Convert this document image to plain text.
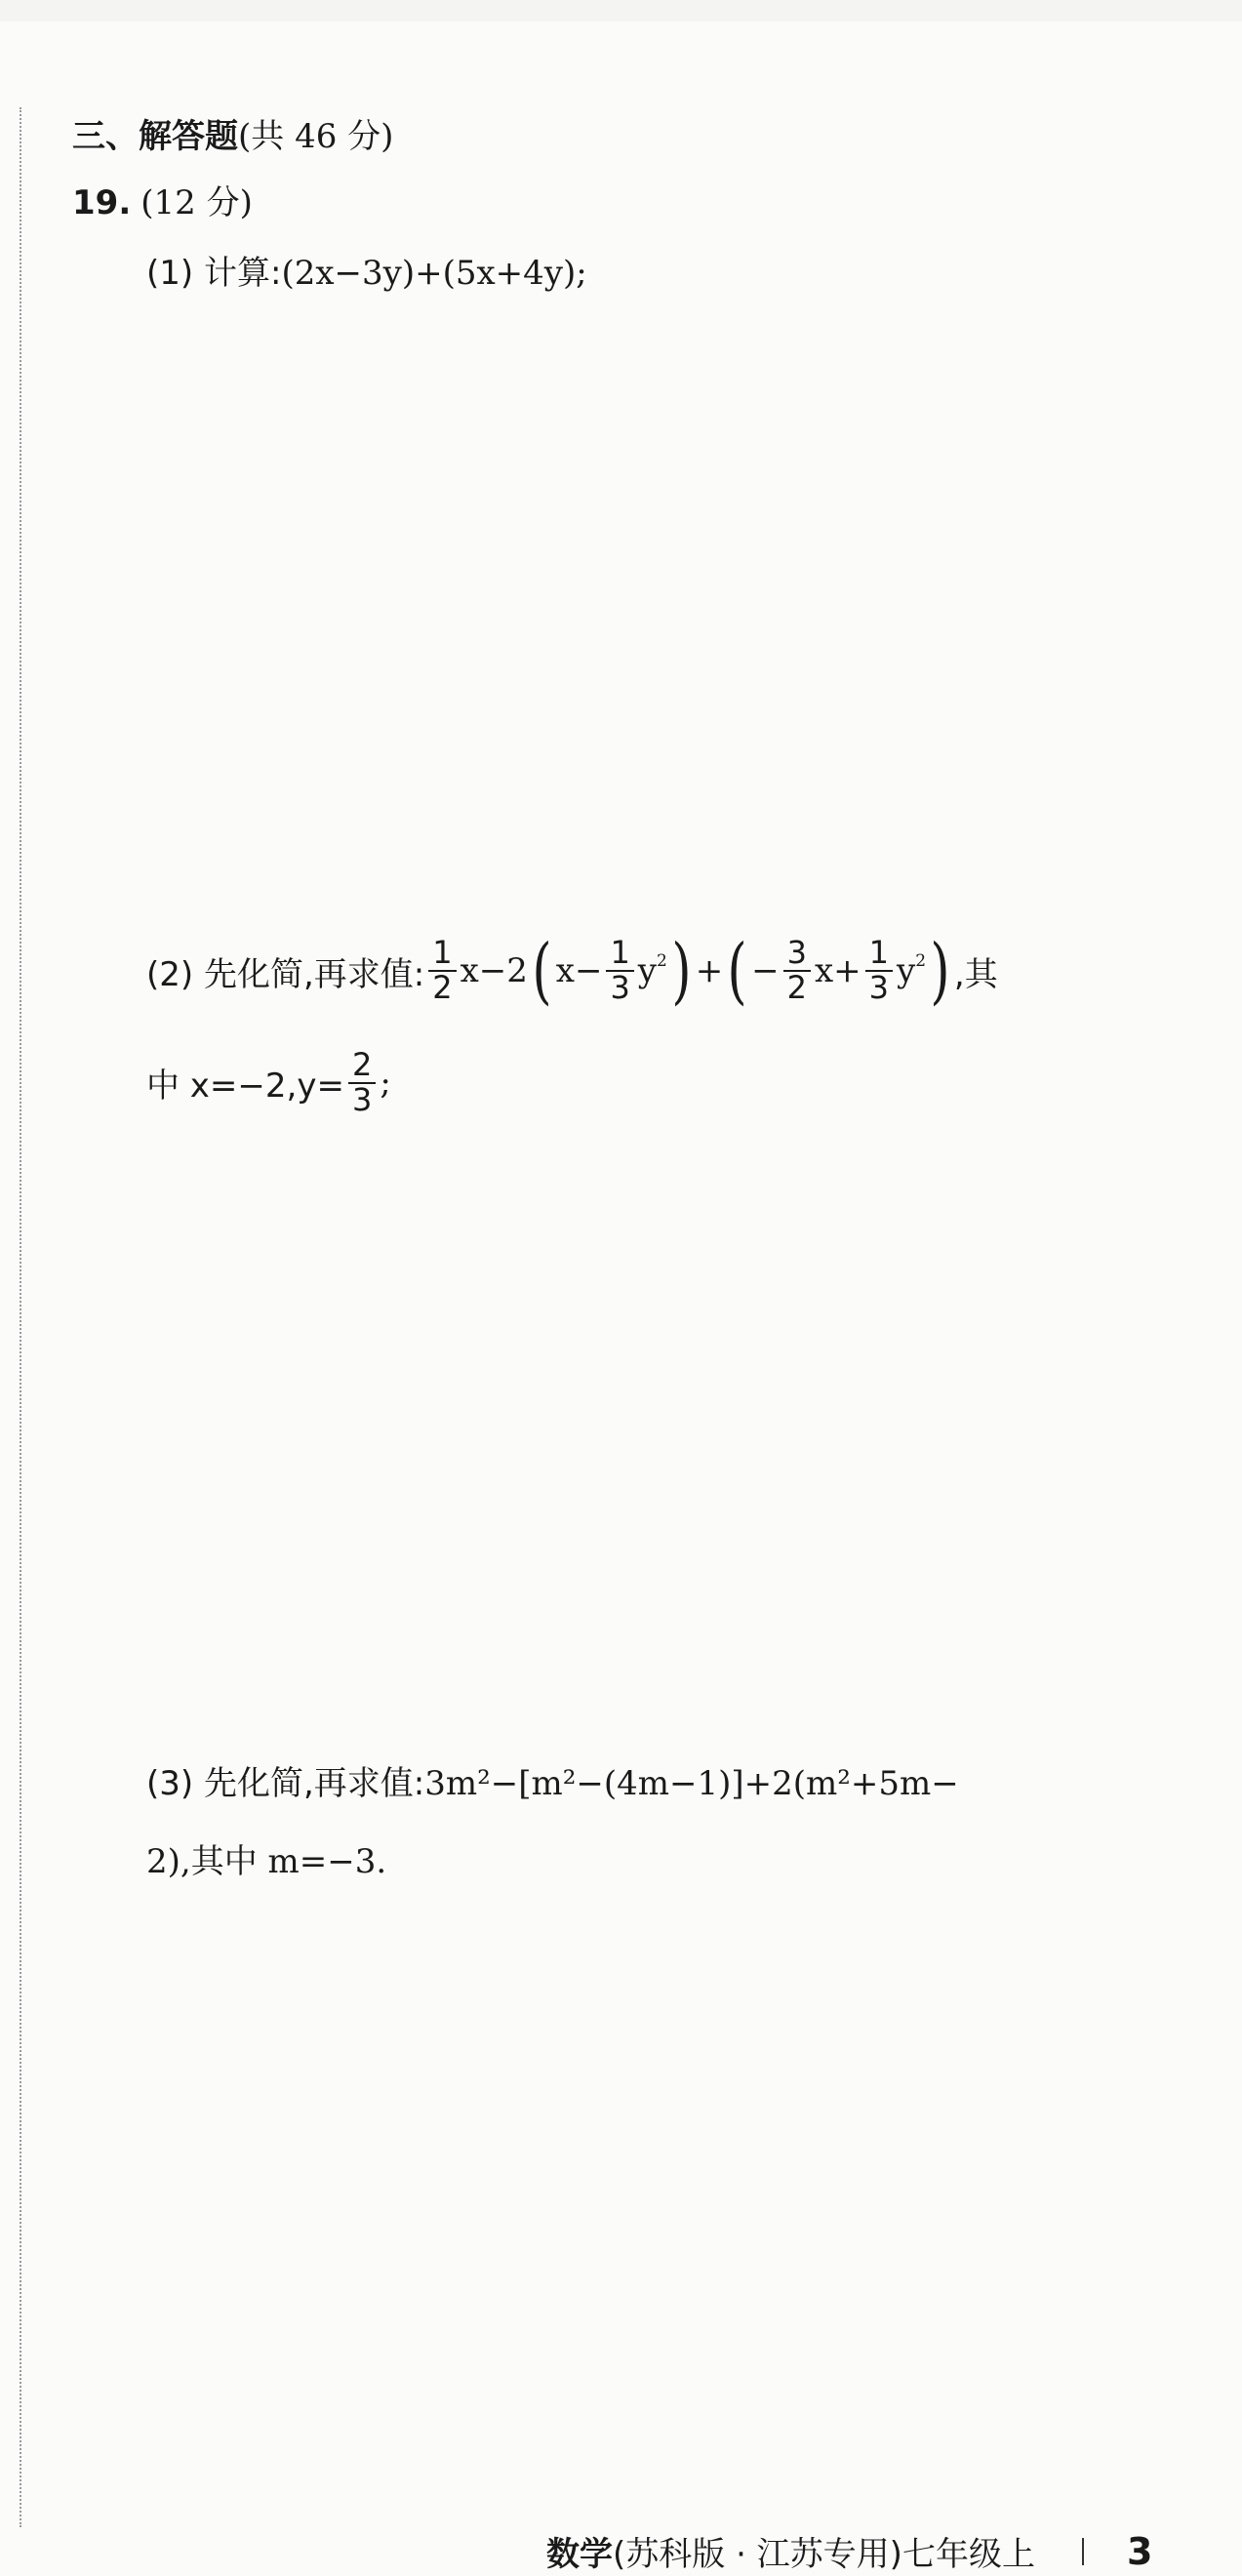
三、解答题(共 46 分)
19. (12 分)
(1) 计算:(2x−3y)+(5x+4y);
(2) 先化简,再求值: $\frac{1}{2} x-2$ ( $x- \frac{1}{3} y^2$ ) + ( − $\frac{3}{2} x+ \frac{1}{3} y^2$ ) ,其
中 $x=-2,y= \frac{2}{3}$ ;
(3) 先化简,再求值:3m²−[m²−(4m−1)]+2(m²+5m−
2),其中 m=−3.
数学 (苏科版 · 江苏专用)七年级上 3
